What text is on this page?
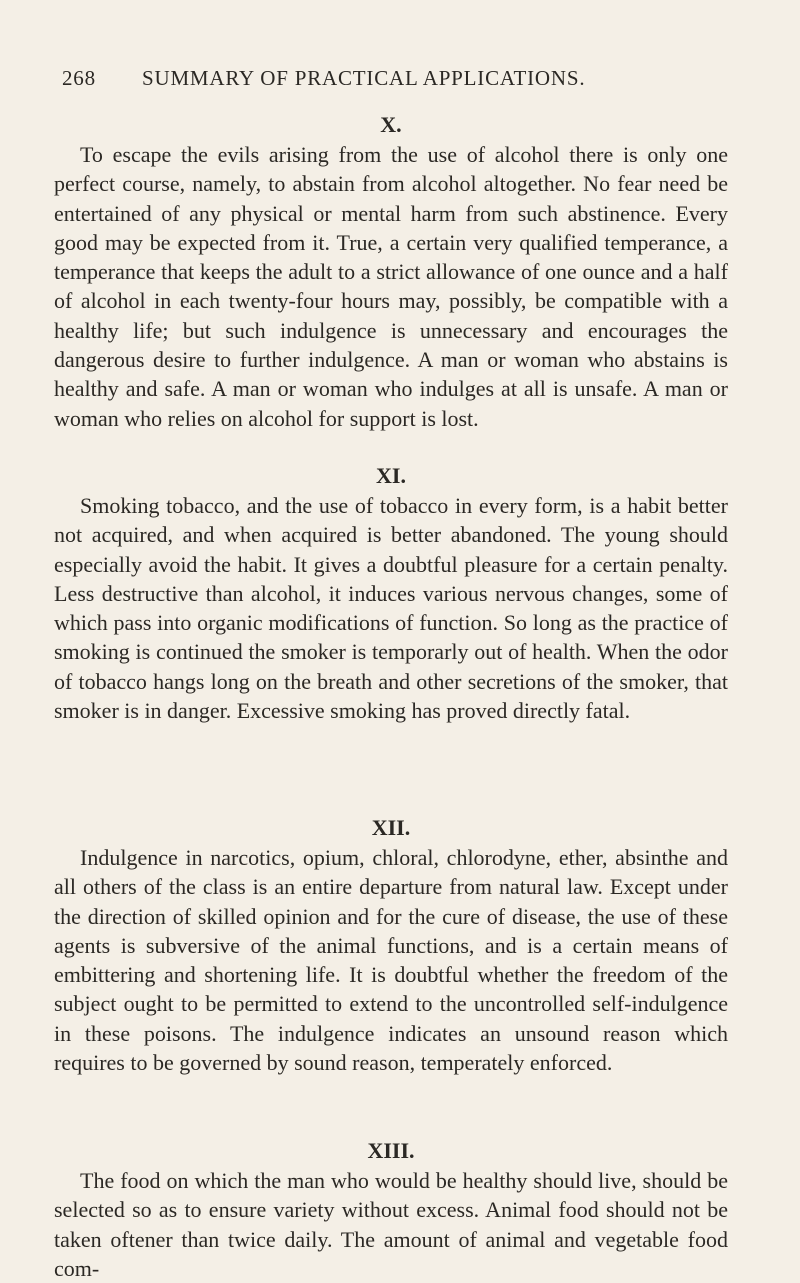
268 SUMMARY OF PRACTICAL APPLICATIONS.
X.

To escape the evils arising from the use of alcohol there is only one perfect course, namely, to abstain from alcohol altogether. No fear need be entertained of any physical or mental harm from such abstinence. Every good may be expected from it. True, a certain very qualified temperance, a temperance that keeps the adult to a strict allowance of one ounce and a half of alcohol in each twenty-four hours may, possibly, be compatible with a healthy life; but such indulgence is unnecessary and encourages the dangerous desire to further indulgence. A man or woman who abstains is healthy and safe. A man or woman who indulges at all is unsafe. A man or woman who relies on alcohol for support is lost.

XI.

Smoking tobacco, and the use of tobacco in every form, is a habit better not acquired, and when acquired is better abandoned. The young should especially avoid the habit. It gives a doubtful pleasure for a certain penalty. Less destructive than alcohol, it induces various nervous changes, some of which pass into organic modifications of function. So long as the practice of smoking is continued the smoker is temporarly out of health. When the odor of tobacco hangs long on the breath and other secretions of the smoker, that smoker is in danger. Excessive smoking has proved directly fatal.

XII.

Indulgence in narcotics, opium, chloral, chlorodyne, ether, absinthe and all others of the class is an entire departure from natural law. Except under the direction of skilled opinion and for the cure of disease, the use of these agents is subversive of the animal functions, and is a certain means of embittering and shortening life. It is doubtful whether the freedom of the subject ought to be permitted to extend to the uncontrolled self-indulgence in these poisons. The indulgence indicates an unsound reason which requires to be governed by sound reason, temperately enforced.

XIII.

The food on which the man who would be healthy should live, should be selected so as to ensure variety without excess. Animal food should not be taken oftener than twice daily. The amount of animal and vegetable food com-
